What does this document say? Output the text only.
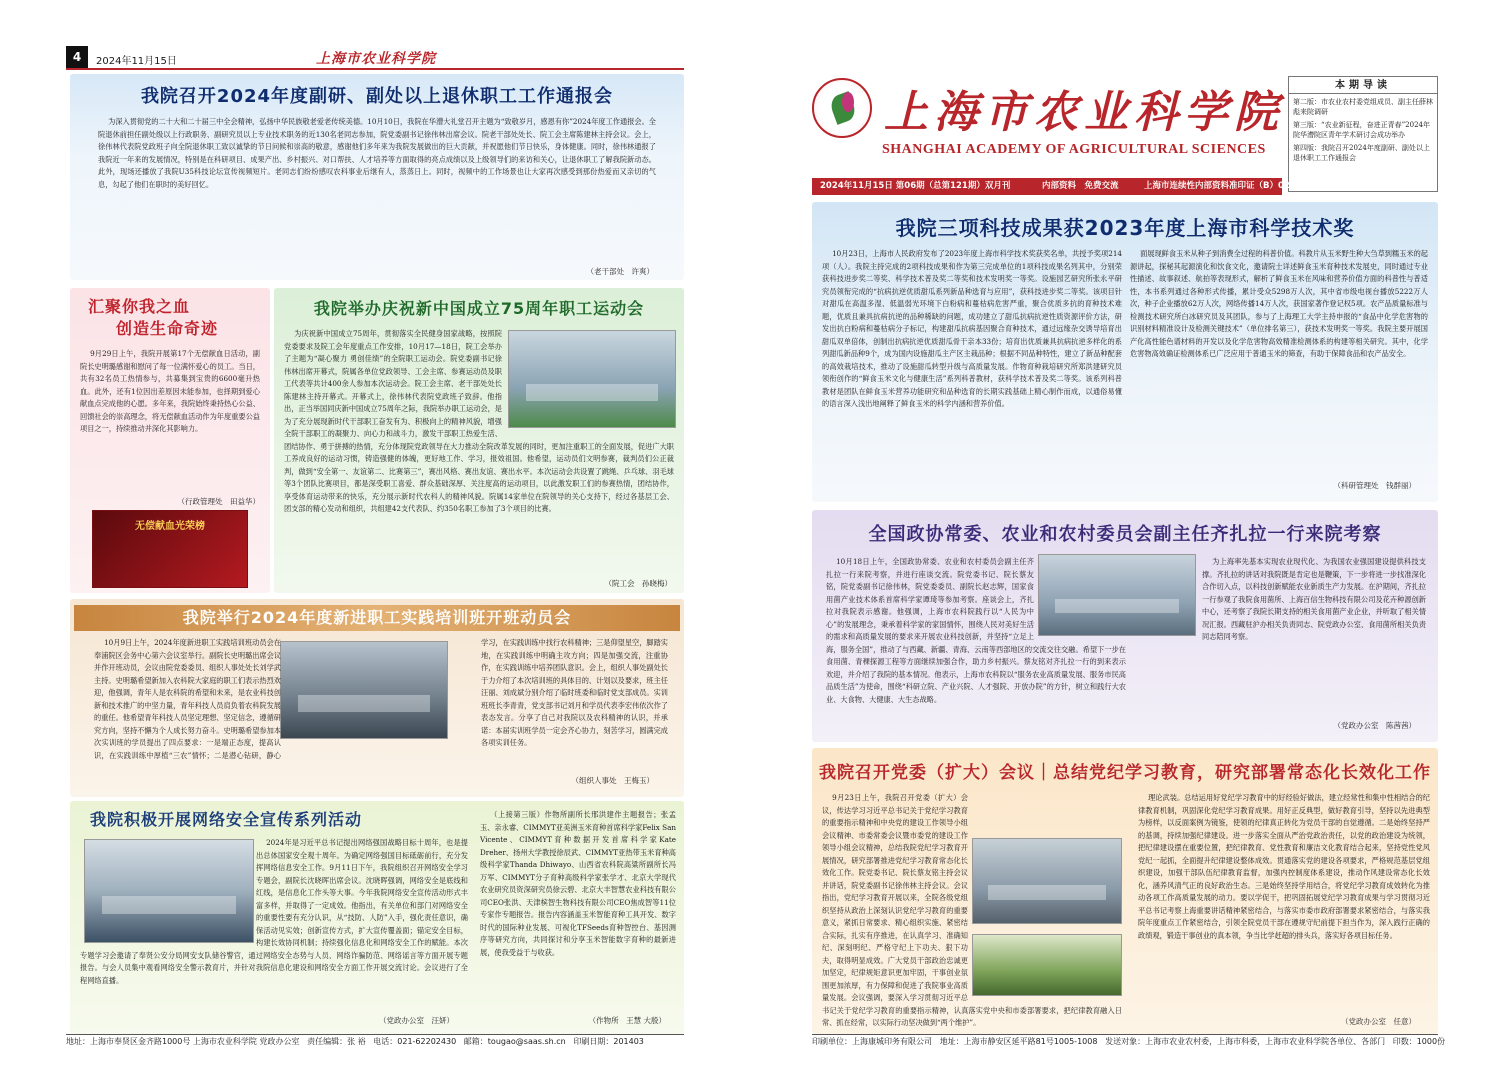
4	2024年11月15日	上海市农业科学院
我院召开2024年度副研、副处以上退休职工工作通报会
为深入贯彻党的二十大和二十届三中全会精神，弘扬中华民族敬老爱老传统美德。10月10日，我院在华漕大礼堂召开主题为“致敬岁月，感恩有你”2024年度工作通报会。全院退休前担任副处级以上行政职务、副研究员以上专业技术职务的近130名老同志参加，院党委副书记徐伟林出席会议。院老干部处处长、院工会主席陈建林主持会议。会上，徐伟林代表院党政班子向全院退休职工致以诚挚的节日问候和崇高的敬意，感谢他们多年来为我院发展做出的巨大贡献，并祝愿他们节日快乐，身体健康。同时，徐伟林通报了我院近一年来的发展情况，特别是在科研项目、成果产出、乡村振兴、对口帮扶、人才培养等方面取得的亮点成绩以及上级领导们的来访和关心，让退休职工了解我院新动态。此外，现场还播放了我院U35科技论坛宣传视频短片。老同志们纷纷感叹农科事业后继有人，蒸蒸日上。同时，视频中的工作场景也让大家再次感受到那份热爱而又亲切的气息，勾起了他们在职时的美好回忆。
（老干部处　许爽）
汇聚你我之血
创造生命奇迹
9月29日上午，我院开展第17个无偿献血日活动，副院长史明璐感谢和慰问了每一位满怀爱心的员工。当日，共有32名员工热情参与，共募集到宝贵的6600毫升热血。此外，还有1位因出差原因未能参加，也择期到爱心献血点完成他的心愿。多年来，我院始终秉持热心公益、回馈社会的崇高理念，将无偿献血活动作为年度重要公益项目之一，持续推动并深化其影响力。
（行政管理处　田益华）
无偿献血光荣榜
我院举办庆祝新中国成立75周年职工运动会
为庆祝新中国成立75周年，贯彻落实全民健身国家战略，按照院党委要求及院工会年度重点工作安排，10月17—18日，院工会举办了主题为“凝心聚力 勇创佳绩”的全院职工运动会。院党委副书记徐伟林出席开幕式，院属各单位党政领导、工会主席、参赛运动员及职工代表等共计400余人参加本次运动会。院工会主席、老干部处处长陈建林主持开幕式。开幕式上，徐伟林代表院党政班子致辞。他指出，正当举国同庆新中国成立75周年之际，我院举办职工运动会，是为了充分展现新时代干部职工奋发有为、积极向上的精神风貌，增强全院干部职工的凝聚力、向心力和战斗力，激发干部职工热爱生活、团结协作、勇于拼搏的热情，充分体现院党政领导在大力推动全院改革发展的同时，更加注重职工的全面发展，促进广大职工养成良好的运动习惯，铸造强健的体魄，更好地工作、学习，报效祖国。他希望，运动员们文明参赛，裁判员们公正裁判，做到“安全第一、友谊第二、比赛第三”，赛出风格、赛出友谊、赛出水平。本次运动会共设置了跳绳、乒乓球、羽毛球等3个团队比赛项目，都是深受职工喜爱、群众基础深厚、关注度高的运动项目，以此激发职工们的参赛热情，团结协作，享受体育运动带来的快乐，充分展示新时代农科人的精神风貌。院属14家单位在院领导的关心支持下，经过各基层工会、团支部的精心发动和组织，共组建42支代表队、约350名职工参加了3个项目的比赛。
（院工会　孙晓梅）
我院举行2024年度新进职工实践培训班开班动员会
10月9日上午，2024年度新进职工实践培训班动员会在奉浦院区会务中心第六会议室举行。副院长史明璐出席会议并作开班动员，会议由院党委委员、组织人事处处长刘学武主持。史明璐希望新加入农科院大家庭的职工们表示热烈欢迎，他强调，青年人是农科院的希望和未来，是农业科技创新和技术推广的中坚力量，青年科技人员肩负着农科院发展的重任。他希望青年科技人员坚定理想、坚定信念，遵循研究方向，坚持不懈为个人成长努力奋斗。史明璐希望参加本次实训班的学员提出了四点要求：一是端正态度，提高认识，在实践训练中厚植“三农”情怀；二是潜心钻研，静心学习，在实践训练中找行农科精神；三是仰望星空，脚踏实地，在实践训练中明确主攻方向；四是加强交流，注重协作，在实践训练中培养团队意识。会上，组织人事处副处长于力介绍了本次培训班的具体目的、计划以及要求，班主任汪丽、刘成斌分别介绍了临时班委和临时党支部成员。实训班班长李青青，党支部书记刘月和学员代表李宏伟依次作了表态发言。分享了自己对我院以及农科精神的认识，并承诺：本届实训班学员一定会齐心协力，刻苦学习，圆满完成各项实训任务。
（组织人事处　王梅玉）
我院积极开展网络安全宣传系列活动
2024年是习近平总书记提出网络强国战略目标十周年，也是提出总体国家安全观十周年。为确定网络强国目标砥砺前行，充分发挥网络信息安全工作。9月11日下午，我院组织召开网络安全学习专题会，副院长沈晓晖出席会议。沈晓晖强调，网络安全是底线和红线，是信息化工作头等大事。今年我院网络安全宣传活动形式丰富多样，并取得了一定成效。他指出，有关单位和部门对网络安全的重要性要有充分认识，从“技防、人防”入手，强化责任意识，确保活动见实效；创新宣传方式，扩大宣传覆盖面；锚定安全目标，构建长效协同机制；持续强化信息化和网络安全工作的赋能。本次专题学习会邀请了奉贤公安分局网安支队储谷警官，通过网络安全态势与人员、网络诈骗防范、网络谣言等方面开展专题报告。与会人员集中观看网络安全警示教育片，并针对我院信息化建设和网络安全方面工作开展交流讨论。会议进行了全程网络直播。
（上接第三版）作物所副所长邢洪建作主题报告；张孟玉、亲永睿、CIMMYT亚美洲玉米育种首席科学家Felix San Vicente、CIMMYT育种数据开发首席科学家Kate Dreher、扬州大学教授徐辰武、CIMMYT亚热带玉米育种高级科学家Thanda Dhiwayo、山西省农科院高粱所副所长冯万军、CIMMYT分子育种高级科学家张学才、北京大学现代农业研究员资深研究员徐云碧、北京大丰智慧农业科技有限公司CEO张洪、天津槟智生物科技有限公司CEO焦成智等11位专家作专题报告。报告内容涵盖玉米智能育种工具开发、数字时代的国际种业发展、可视化TFSeeds育种智控台、基因测序等研究方向，共同探讨和分享玉米智能数字育种的最新进展，使我受益于与收获。
（党政办公室　汪妍）	（作物所　王慧 大殷）
地址：上海市奉贤区金齐路1000号 上海市农业科学院 党政办公室 责任编辑：张 裕 电话：021-62202430 邮箱：tougao@saas.sh.cn 印刷日期：201403
上海市农业科学院
SHANGHAI ACADEMY OF AGRICULTURAL SCIENCES
本期导读
第二版：市农业农村委党组成员、副主任薛林彪来院调研
第三版：“农业新征程，奋进正青春”2024年院华漕院区青年学术研讨会成功举办
第四版：我院召开2024年度副研、副处以上退休职工工作通报会
2024年11月15日 第06期（总第121期）双月刊	内部资料　免费交流	上海市连续性内部资料准印证（B）0213
我院三项科技成果获2023年度上海市科学技术奖
10月23日，上海市人民政府发布了2023年度上海市科学技术奖获奖名单，共授予奖项214项（人）。我院主持完成的2项科技成果和作为第三完成单位的1项科技成果名列其中，分别荣获科技进步奖二等奖、科学技术普及奖二等奖和技术发明奖一等奖。设施园艺研究所张永平研究员领衔完成的“抗病抗逆优质甜瓜系列新品种选育与应用”，获科技进步奖二等奖。该项目针对甜瓜在高温多湿、低温弱光环境下白粉病和蔓枯病危害严重，聚合优质多抗的育种技术难题，优质且兼具抗病抗逆的品种稀缺的问题，成功建立了甜瓜抗病抗逆性质资源评价方法，研发出抗白粉病和蔓枯病分子标记，构建甜瓜抗病基因聚合育种技术，通过远缘杂交诱导培育出甜瓜双单倍体，创制出抗病抗逆优质甜瓜骨干亲本33份；培育出优质兼具抗病抗逆多样化的系列甜瓜新品种9个，成为国内设施甜瓜主产区主栽品种；根据不同品种特性，建立了新品种配套的高效栽培技术，推动了设施甜瓜转型升级与高质量发展。作物育种栽培研究所郑洪建研究员领衔创作的“鲜食玉米文化与健康生活”系列科普教材，获科学技术普及奖二等奖。该系列科普教材是团队在鲜食玉米营养功能研究和品种选育的长期实践基础上精心制作而成，以通俗易懂的语言深入浅出地阐释了鲜食玉米的科学内涵和营养价值。
面展现鲜食玉米从种子到消费全过程的科普价值。科教片从玉米野生种大刍草到糯玉米的起源讲起，探秘其起源演化和饮食文化，邀请院士详述鲜食玉米育种技术发展史，同时通过专业性描述、故事叙述、航拍等表现形式，解析了鲜食玉米在风味和营养价值方面的科普性与普适性，本书系列通过各种形式传播，累计受众5298万人次，其中省市级电视台播放5222万人次，种子企业播放62万人次，网络传播14万人次，获国家著作登记权5项。农产品质量标准与检测技术研究所白冰研究员及其团队，参与了上海理工大学主持申报的“食品中化学危害物的识别材料精准设计及检测关键技术”（单位排名第三），获技术发明奖一等奖。我院主要开展国产化高性能色谱材料的开发以及化学危害物高效精准检测体系的构建等相关研究。其中，化学危害物高效确证检测体系已广泛应用于普通玉米的筛查，有助于保障食品和农产品安全。
（科研管理处　钱群丽）
全国政协常委、农业和农村委员会副主任齐扎拉一行来院考察
10月18日上午，全国政协常委、农业和农村委员会副主任齐扎拉一行来院考察，并进行座谈交流。院党委书记、院长蔡友铭，院党委副书记徐伟林，院党委委员、副院长赵志辉，国家食用菌产业技术体系首席科学家谭琦等参加考察。座谈会上，齐扎拉对我院表示感谢。他强调，上海市农科院践行以“人民为中心”的发展理念，秉承着科学家的家国情怀，围绕人民对美好生活的需求和高质量发展的要求来开展农业科技创新，并坚持“立足上海，服务全国”，推动了与西藏、新疆、青海、云南等西部地区的交流交往交融。希望下一步在食用菌、青稞探源工程等方面继续加强合作，助力乡村振兴。蔡友铭对齐扎拉一行的到来表示欢迎，并介绍了我院的基本情况。他表示，上海市农科院以“服务农业高质量发展、服务市民高品质生活”为使命，围绕“科研立院、产业兴院、人才强院、开放办院”的方针，树立和践行大农业、大食物、大健康、大生态战略。
为上海率先基本实现农业现代化、为我国农业强国建设提供科技支撑。齐扎拉的讲话对我院既是肯定也是鞭策，下一步将进一步找准深化合作切入点，以科技创新赋能农业新质生产力发展。在沪期间，齐扎拉一行参观了我院食用菌所、上海百信生物科技有限公司及花卉种源创新中心，还考察了我院长期支持的相关食用菌产业企业，并听取了相关情况汇报。西藏驻沪办相关负责同志、院党政办公室、食用菌所相关负责同志陪同考察。
（党政办公室　陈茜茜）
我院召开党委（扩大）会议｜总结党纪学习教育，研究部署常态化长效化工作
9月23日上午，我院召开党委（扩大）会议，传达学习习近平总书记关于党纪学习教育的重要指示精神和中央党的建设工作领导小组会议精神、市委常委会议暨市委党的建设工作领导小组会议精神，总结我院党纪学习教育开展情况，研究部署推进党纪学习教育常态化长效化工作。院党委书记、院长蔡友铭主持会议并讲话，院党委副书记徐伟林主持会议。会议指出，党纪学习教育开展以来，全院各级党组织坚持从政治上深刻认识党纪学习教育的重要意义，紧抓日常要求、精心组织实施、紧密结合实际，扎实有序推进，在认真学习、准确知纪、深刻明纪、严格守纪上下功夫、狠下功夫，取得明显成效。广大党员干部政治忠诚更加坚定，纪律规矩意识更加牢固，干事创业氛围更加浓厚，有力保障和促进了我院事业高质量发展。会议强调，要深入学习贯彻习近平总书记关于党纪学习教育的重要指示精神，认真落实党中央和市委部署要求，把纪律教育融入日常、抓在经常，以实际行动坚决做到“两个维护”。
理论武装。总结运用好党纪学习教育中的好经验好做法，建立经常性和集中性相结合的纪律教育机制，巩固深化党纪学习教育成果。用好正反典型，做好教育引导，坚持以先进典型为榜样，以反面案例为镜鉴，使领的纪律真正转化为党员干部的自觉遵循。二是始终坚持严的基调，持续加强纪律建设。进一步落实全面从严治党政治责任，以党的政治建设为统领，把纪律建设摆在重要位置，把纪律教育、党性教育和廉洁文化教育结合起来，坚持党性党风党纪一起抓，全面提升纪律建设整体成效。贯通落实党的建设各项要求，严格规范基层党组织建设，加强干部队伍纪律教育监督，加强内控制度体系建设，推动作风建设常态化长效化，涵养风清气正的良好政治生态。三是始终坚持学用结合，将党纪学习教育成效转化为推动各项工作高质量发展的动力。要以学促干，把巩固拓展党纪学习教育成果与学习贯彻习近平总书记考察上海重要讲话精神紧密结合，与落实市委市政府部署要求紧密结合，与落实我院年度重点工作紧密结合，引领全院党员干部在遵规守纪前提下担当作为，深入践行正确的政绩观，锻造干事创业的真本领，争当比学赶超的排头兵，落实好各项目标任务。
（党政办公室　任意）
印刷单位：上海康城印务有限公司 地址：上海市静安区延平路81号1005-1008 发送对象：上海市农业农村委，上海市科委，上海市农业科学院各单位、各部门 印数：1000份
